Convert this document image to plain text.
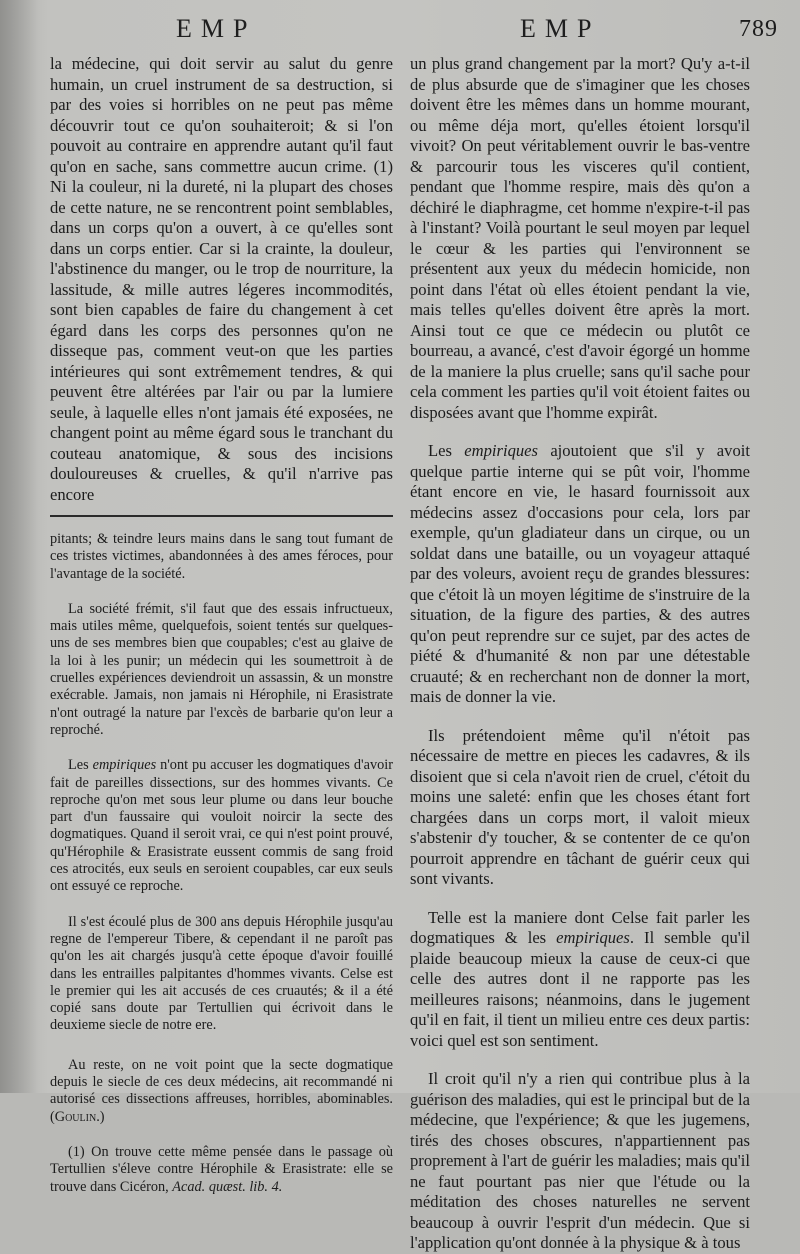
EMP	EMP	789

la médecine, qui doit servir au salut du genre humain, un cruel instrument de sa destruction, si par des voies si horribles on ne peut pas même découvrir tout ce qu'on souhaiteroit; & si l'on pouvoit au contraire en apprendre autant qu'il faut qu'on en sache, sans commettre aucun crime. (1) Ni la couleur, ni la dureté, ni la plupart des choses de cette nature, ne se rencontrent point semblables, dans un corps qu'on a ouvert, à ce qu'elles sont dans un corps entier. Car si la crainte, la douleur, l'abstinence du manger, ou le trop de nourriture, la lassitude, & mille autres légeres incommodités, sont bien capables de faire du changement à cet égard dans les corps des personnes qu'on ne disseque pas, comment veut-on que les parties intérieures qui sont extrêmement tendres, & qui peuvent être altérées par l'air ou par la lumiere seule, à laquelle elles n'ont jamais été exposées, ne changent point au même égard sous le tranchant du couteau anatomique, & sous des incisions douloureuses & cruelles, & qu'il n'arrive pas encore

pitants; & teindre leurs mains dans le sang tout fumant de ces tristes victimes, abandonnées à des ames féroces, pour l'avantage de la société.

La société frémit, s'il faut que des essais infructueux, mais utiles même, quelquefois, soient tentés sur quelques-uns de ses membres bien que coupables; c'est au glaive de la loi à les punir; un médecin qui les soumettroit à de cruelles expériences deviendroit un assassin, & un monstre exécrable. Jamais, non jamais ni Hérophile, ni Erasistrate n'ont outragé la nature par l'excès de barbarie qu'on leur a reproché.

Les empiriques n'ont pu accuser les dogmatiques d'avoir fait de pareilles dissections, sur des hommes vivants. Ce reproche qu'on met sous leur plume ou dans leur bouche part d'un faussaire qui vouloit noircir la secte des dogmatiques. Quand il seroit vrai, ce qui n'est point prouvé, qu'Hérophile & Erasistrate eussent commis de sang froid ces atrocités, eux seuls en seroient coupables, car eux seuls ont essuyé ce reproche.

Il s'est écoulé plus de 300 ans depuis Hérophile jusqu'au regne de l'empereur Tibere, & cependant il ne paroît pas qu'on les ait chargés jusqu'à cette époque d'avoir fouillé dans les entrailles palpitantes d'hommes vivants. Celse est le premier qui les ait accusés de ces cruautés; & il a été copié sans doute par Tertullien qui écrivoit dans le deuxieme siecle de notre ere.

Au reste, on ne voit point que la secte dogmatique depuis le siecle de ces deux médecins, ait recommandé ni autorisé ces dissections affreuses, horribles, abominables. (Goulin.)

(1) On trouve cette même pensée dans le passage où Tertullien s'éleve contre Hérophile & Erasistrate: elle se trouve dans Cicéron, Acad. quæst. lib. 4.

un plus grand changement par la mort? Qu'y a-t-il de plus absurde que de s'imaginer que les choses doivent être les mêmes dans un homme mourant, ou même déja mort, qu'elles étoient lorsqu'il vivoit? On peut véritablement ouvrir le bas-ventre & parcourir tous les visceres qu'il contient, pendant que l'homme respire, mais dès qu'on a déchiré le diaphragme, cet homme n'expire-t-il pas à l'instant? Voilà pourtant le seul moyen par lequel le cœur & les parties qui l'environnent se présentent aux yeux du médecin homicide, non point dans l'état où elles étoient pendant la vie, mais telles qu'elles doivent être après la mort. Ainsi tout ce que ce médecin ou plutôt ce bourreau, a avancé, c'est d'avoir égorgé un homme de la maniere la plus cruelle; sans qu'il sache pour cela comment les parties qu'il voit étoient faites ou disposées avant que l'homme expirât.

Les empiriques ajoutoient que s'il y avoit quelque partie interne qui se pût voir, l'homme étant encore en vie, le hasard fournissoit aux médecins assez d'occasions pour cela, lors par exemple, qu'un gladiateur dans un cirque, ou un soldat dans une bataille, ou un voyageur attaqué par des voleurs, avoient reçu de grandes blessures: que c'étoit là un moyen légitime de s'instruire de la situation, de la figure des parties, & des autres qu'on peut reprendre sur ce sujet, par des actes de piété & d'humanité & non par une détestable cruauté; & en recherchant non de donner la mort, mais de donner la vie.

Ils prétendoient même qu'il n'étoit pas nécessaire de mettre en pieces les cadavres, & ils disoient que si cela n'avoit rien de cruel, c'étoit du moins une saleté: enfin que les choses étant fort chargées dans un corps mort, il valoit mieux s'abstenir d'y toucher, & se contenter de ce qu'on pourroit apprendre en tâchant de guérir ceux qui sont vivants.

Telle est la maniere dont Celse fait parler les dogmatiques & les empiriques. Il semble qu'il plaide beaucoup mieux la cause de ceux-ci que celle des autres dont il ne rapporte pas les meilleures raisons; néanmoins, dans le jugement qu'il en fait, il tient un milieu entre ces deux partis: voici quel est son sentiment.

Il croit qu'il n'y a rien qui contribue plus à la guérison des maladies, qui est le principal but de la médecine, que l'expérience; & que les jugemens, tirés des choses obscures, n'appartiennent pas proprement à l'art de guérir les maladies; mais qu'il ne faut pourtant pas nier que l'étude ou la méditation des choses naturelles ne servent beaucoup à ouvrir l'esprit d'un médecin. Que si l'application qu'ont donnée à la physique & à tous
